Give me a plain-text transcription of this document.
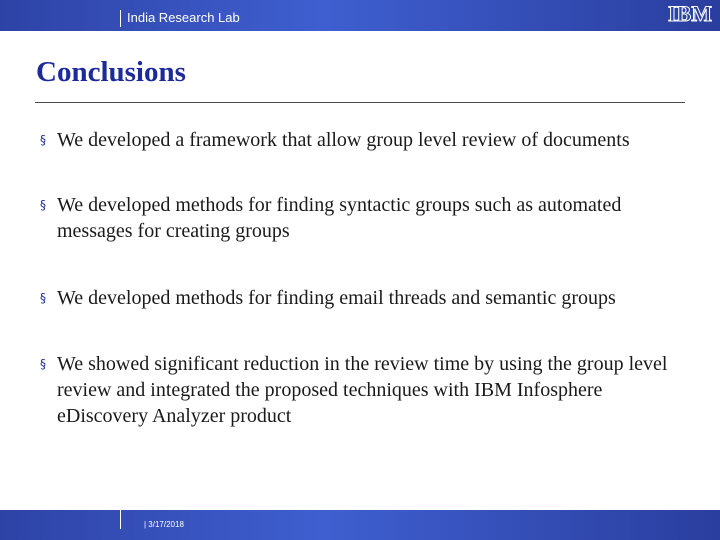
India Research Lab	IBM
Conclusions
§ We developed a framework that allow group level review of documents
§ We developed methods for finding syntactic groups such as automated messages for creating groups
§ We developed methods for finding email threads and semantic groups
§ We showed significant reduction in the review time by using the group level review and integrated the proposed techniques with IBM Infosphere eDiscovery Analyzer product
| 3/17/2018
